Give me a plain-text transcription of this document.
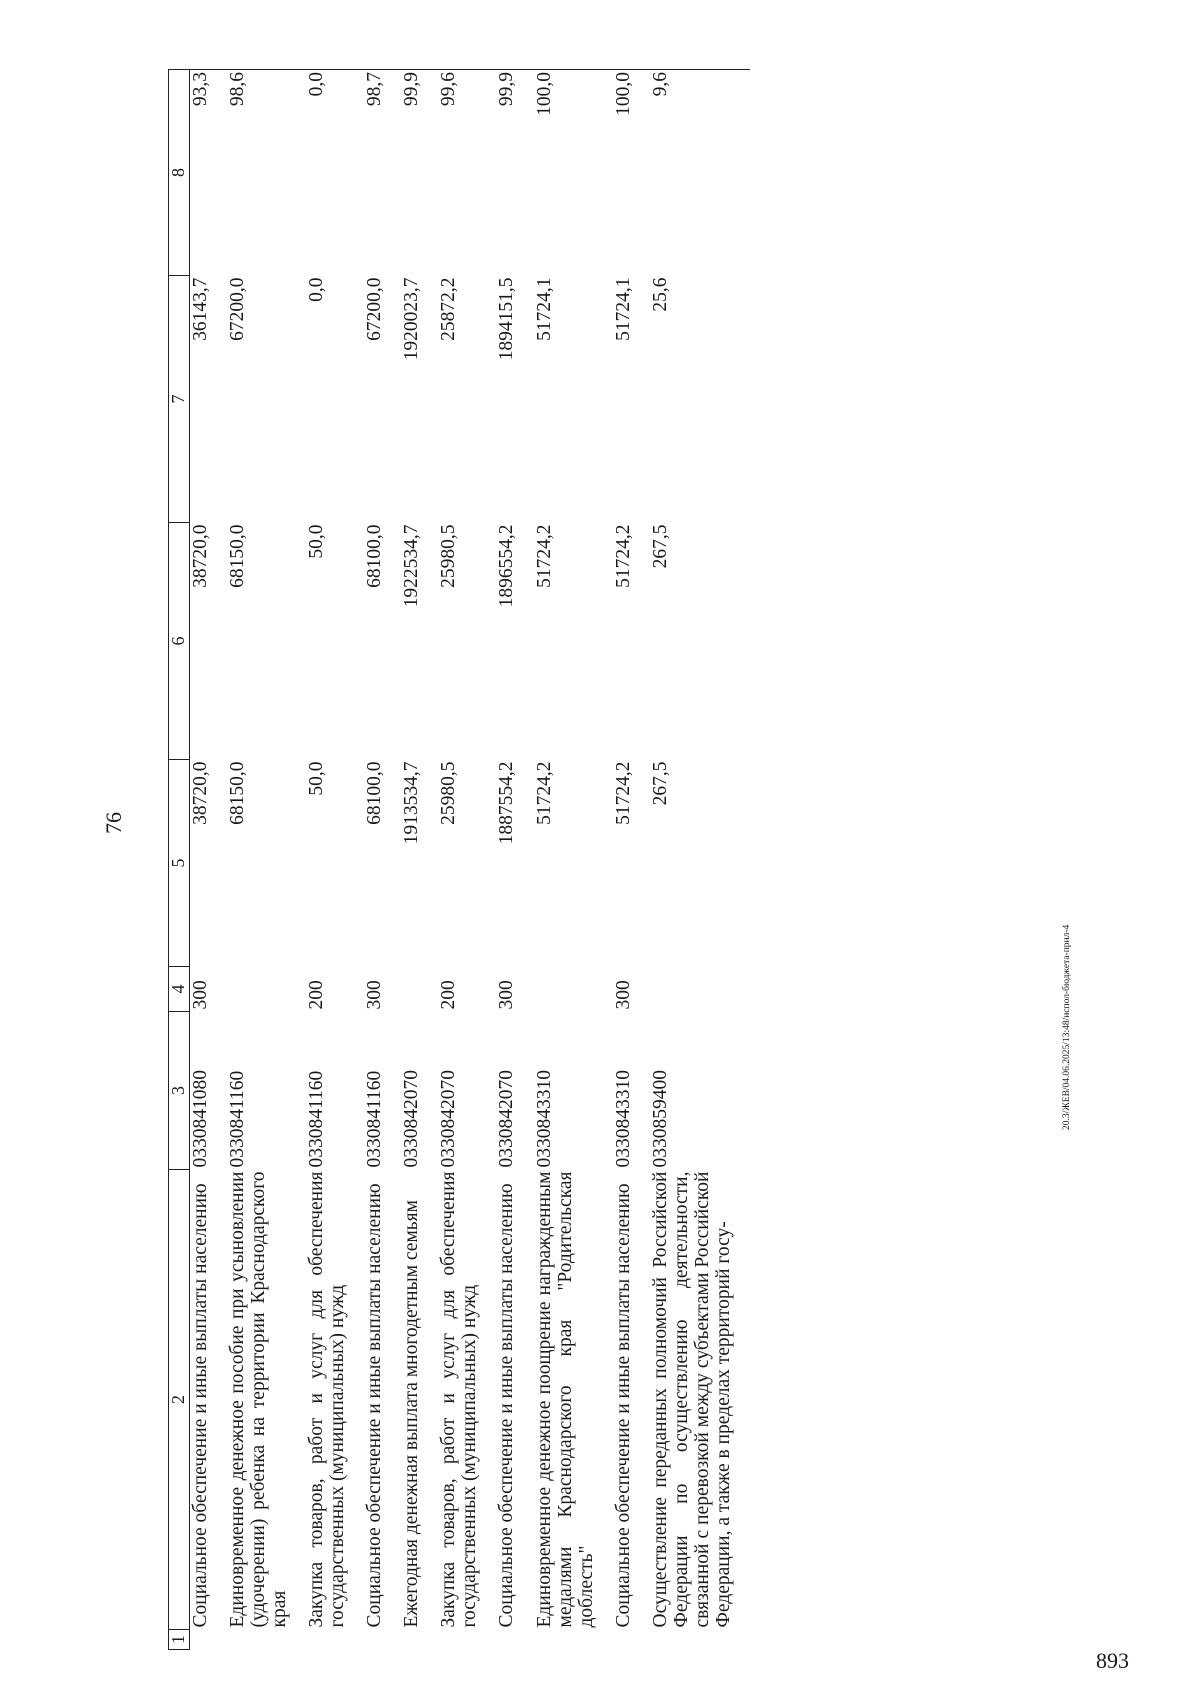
76
1	2	3	4	5	6	7	8
	Социальное обеспечение и иные выплаты населению	0330841080	300	38720,0	38720,0	36143,7	93,3
	Единовременное денежное пособие при усыновлении (удочерении) ребенка на территории Краснодарского края	0330841160		68150,0	68150,0	67200,0	98,6
	Закупка товаров, работ и услуг для обеспечения государственных (муниципальных) нужд	0330841160	200	50,0	50,0	0,0	0,0
	Социальное обеспечение и иные выплаты населению	0330841160	300	68100,0	68100,0	67200,0	98,7
	Ежегодная денежная выплата многодетным семьям	0330842070		1913534,7	1922534,7	1920023,7	99,9
	Закупка товаров, работ и услуг для обеспечения государственных (муниципальных) нужд	0330842070	200	25980,5	25980,5	25872,2	99,6
	Социальное обеспечение и иные выплаты населению	0330842070	300	1887554,2	1896554,2	1894151,5	99,9
	Единовременное денежное поощрение награжденным медалями Краснодарского края "Родительская доблесть"	0330843310		51724,2	51724,2	51724,1	100,0
	Социальное обеспечение и иные выплаты населению	0330843310	300	51724,2	51724,2	51724,1	100,0
	Осуществление переданных полномочий Российской Федерации по осуществлению деятельности, связанной с перевозкой между субъектами Российской Федерации, а также в пределах территорий госу-	0330859400		267,5	267,5	25,6	9,6
20.3/ЖЕВ/04.06.2025/13:48/испол-бюджета-прил-4
893
